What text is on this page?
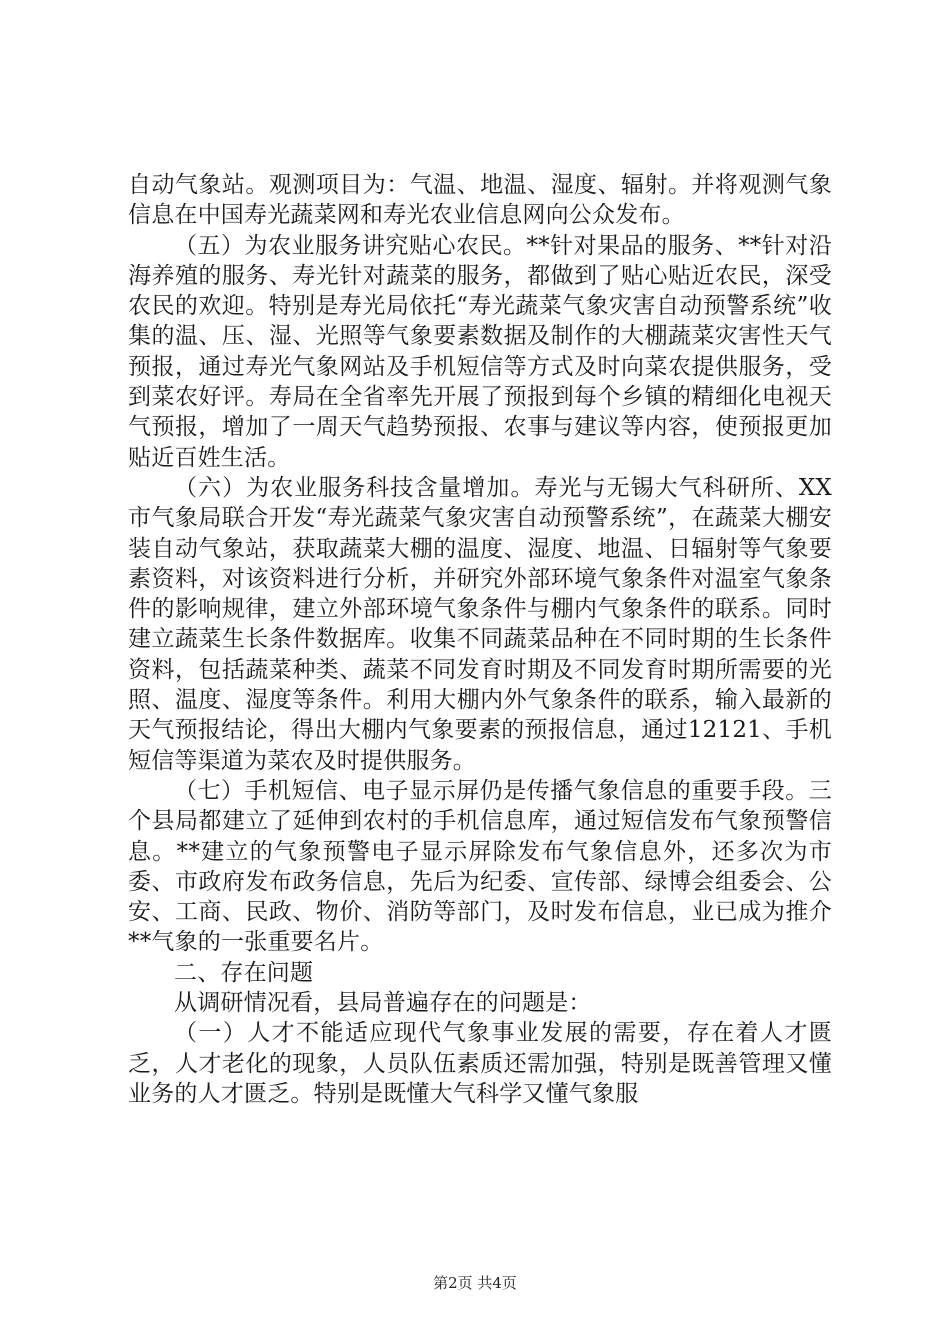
自动气象站。观测项目为：气温、地温、湿度、辐射。并将观测气象信息在中国寿光蔬菜网和寿光农业信息网向公众发布。

（五）为农业服务讲究贴心农民。**针对果品的服务、**针对沿海养殖的服务、寿光针对蔬菜的服务，都做到了贴心贴近农民，深受农民的欢迎。特别是寿光局依托“寿光蔬菜气象灾害自动预警系统”收集的温、压、湿、光照等气象要素数据及制作的大棚蔬菜灾害性天气预报，通过寿光气象网站及手机短信等方式及时向菜农提供服务，受到菜农好评。寿局在全省率先开展了预报到每个乡镇的精细化电视天气预报，增加了一周天气趋势预报、农事与建议等内容，使预报更加贴近百姓生活。

（六）为农业服务科技含量增加。寿光与无锡大气科研所、XX市气象局联合开发“寿光蔬菜气象灾害自动预警系统”，在蔬菜大棚安装自动气象站，获取蔬菜大棚的温度、湿度、地温、日辐射等气象要素资料，对该资料进行分析，并研究外部环境气象条件对温室气象条件的影响规律，建立外部环境气象条件与棚内气象条件的联系。同时建立蔬菜生长条件数据库。收集不同蔬菜品种在不同时期的生长条件资料，包括蔬菜种类、蔬菜不同发育时期及不同发育时期所需要的光照、温度、湿度等条件。利用大棚内外气象条件的联系，输入最新的天气预报结论，得出大棚内气象要素的预报信息，通过12121、手机短信等渠道为菜农及时提供服务。

（七）手机短信、电子显示屏仍是传播气象信息的重要手段。三个县局都建立了延伸到农村的手机信息库，通过短信发布气象预警信息。**建立的气象预警电子显示屏除发布气象信息外，还多次为市委、市政府发布政务信息，先后为纪委、宣传部、绿博会组委会、公安、工商、民政、物价、消防等部门，及时发布信息，业已成为推介**气象的一张重要名片。

二、存在问题

从调研情况看，县局普遍存在的问题是：

（一）人才不能适应现代气象事业发展的需要，存在着人才匮乏，人才老化的现象，人员队伍素质还需加强，特别是既善管理又懂业务的人才匮乏。特别是既懂大气科学又懂气象服

第2页 共4页
